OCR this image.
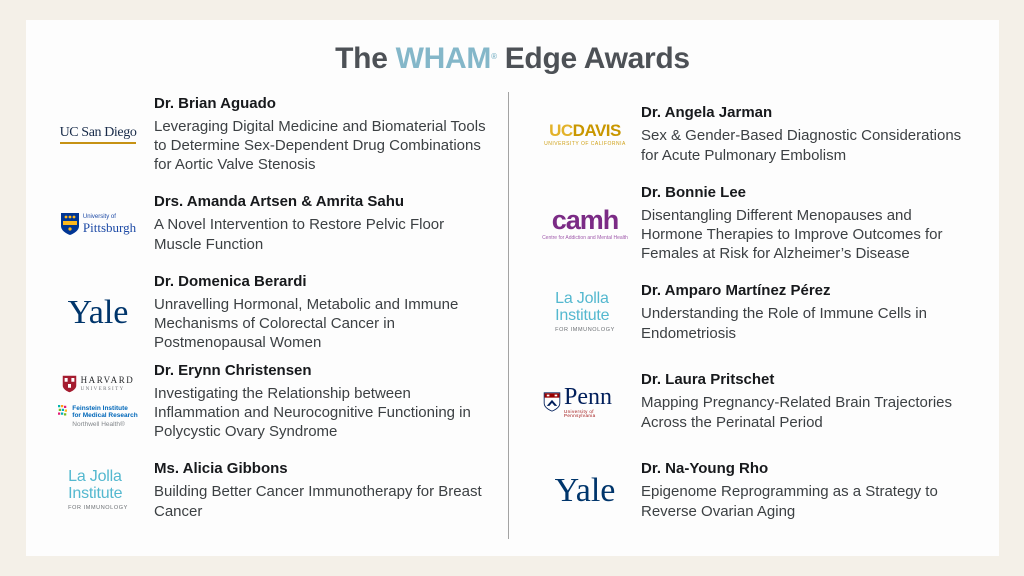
The WHAM® Edge Awards
UC San Diego
Dr. Brian Aguado
Leveraging Digital Medicine and Biomaterial Tools to Determine Sex-Dependent Drug Combinations for Aortic Valve Stenosis
University of
Pittsburgh
Drs. Amanda Artsen & Amrita Sahu
A Novel Intervention to Restore Pelvic Floor Muscle Function
Yale
Dr. Domenica Berardi
Unravelling Hormonal, Metabolic and Immune Mechanisms of Colorectal Cancer in Postmenopausal Women
HARVARD
UNIVERSITY
Feinstein Institute
for Medical Research
Northwell Health®
Dr. Erynn Christensen
Investigating the Relationship between Inflammation and Neurocognitive Functioning in Polycystic Ovary Syndrome
La Jolla
Institute
FOR IMMUNOLOGY
Ms. Alicia Gibbons
Building Better Cancer Immunotherapy for Breast Cancer
UCDAVIS
UNIVERSITY OF CALIFORNIA
Dr. Angela Jarman
Sex & Gender-Based Diagnostic Considerations for Acute Pulmonary Embolism
camh
Centre for Addiction and Mental Health
Dr. Bonnie Lee
Disentangling Different Menopauses and Hormone Therapies to Improve Outcomes for Females at Risk for Alzheimer’s Disease
La Jolla
Institute
FOR IMMUNOLOGY
Dr. Amparo Martínez Pérez
Understanding the Role of Immune Cells in Endometriosis
Penn
University of Pennsylvania
Dr. Laura Pritschet
Mapping Pregnancy-Related Brain Trajectories Across the Perinatal Period
Yale
Dr. Na-Young Rho
Epigenome Reprogramming as a Strategy to Reverse Ovarian Aging
